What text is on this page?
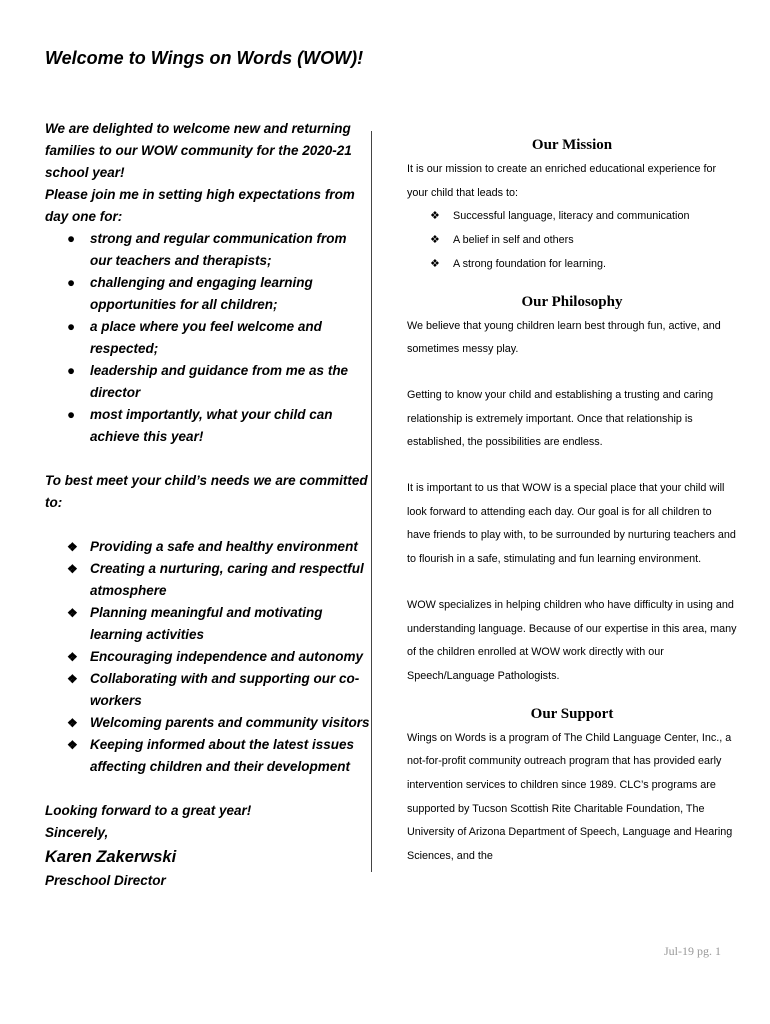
Welcome to Wings on Words (WOW)!

We are delighted to welcome new and returning families to our WOW community for the 2020-21 school year!

Please join me in setting high expectations from day one for:

● strong and regular communication from our teachers and therapists;
● challenging and engaging learning opportunities for all children;
● a place where you feel welcome and respected;
● leadership and guidance from me as the director
● most importantly, what your child can achieve this year!

To best meet your child’s needs we are committed to:

❖ Providing a safe and healthy environment
❖ Creating a nurturing, caring and respectful atmosphere
❖ Planning meaningful and motivating learning activities
❖ Encouraging independence and autonomy
❖ Collaborating with and supporting our co-workers
❖ Welcoming parents and community visitors
❖ Keeping informed about the latest issues affecting children and their development

Looking forward to a great year!

Sincerely,

Karen Zakerwski

Preschool Director

Our Mission

It is our mission to create an enriched educational experience for your child that leads to:

❖ Successful language, literacy and communication
❖ A belief in self and others
❖ A strong foundation for learning.
Our Philosophy

We believe that young children learn best through fun, active, and sometimes messy play.

Getting to know your child and establishing a trusting and caring relationship is extremely important. Once that relationship is established, the possibilities are endless.

It is important to us that WOW is a special place that your child will look forward to attending each day. Our goal is for all children to have friends to play with, to be surrounded by nurturing teachers and to flourish in a safe, stimulating and fun learning environment.

WOW specializes in helping children who have difficulty in using and understanding language. Because of our expertise in this area, many of the children enrolled at WOW work directly with our Speech/Language Pathologists.

Our Support

Wings on Words is a program of The Child Language Center, Inc., a not-for-profit community outreach program that has provided early intervention services to children since 1989. CLC’s programs are supported by Tucson Scottish Rite Charitable Foundation, The University of Arizona Department of Speech, Language and Hearing Sciences, and the

Jul-19 pg. 1
